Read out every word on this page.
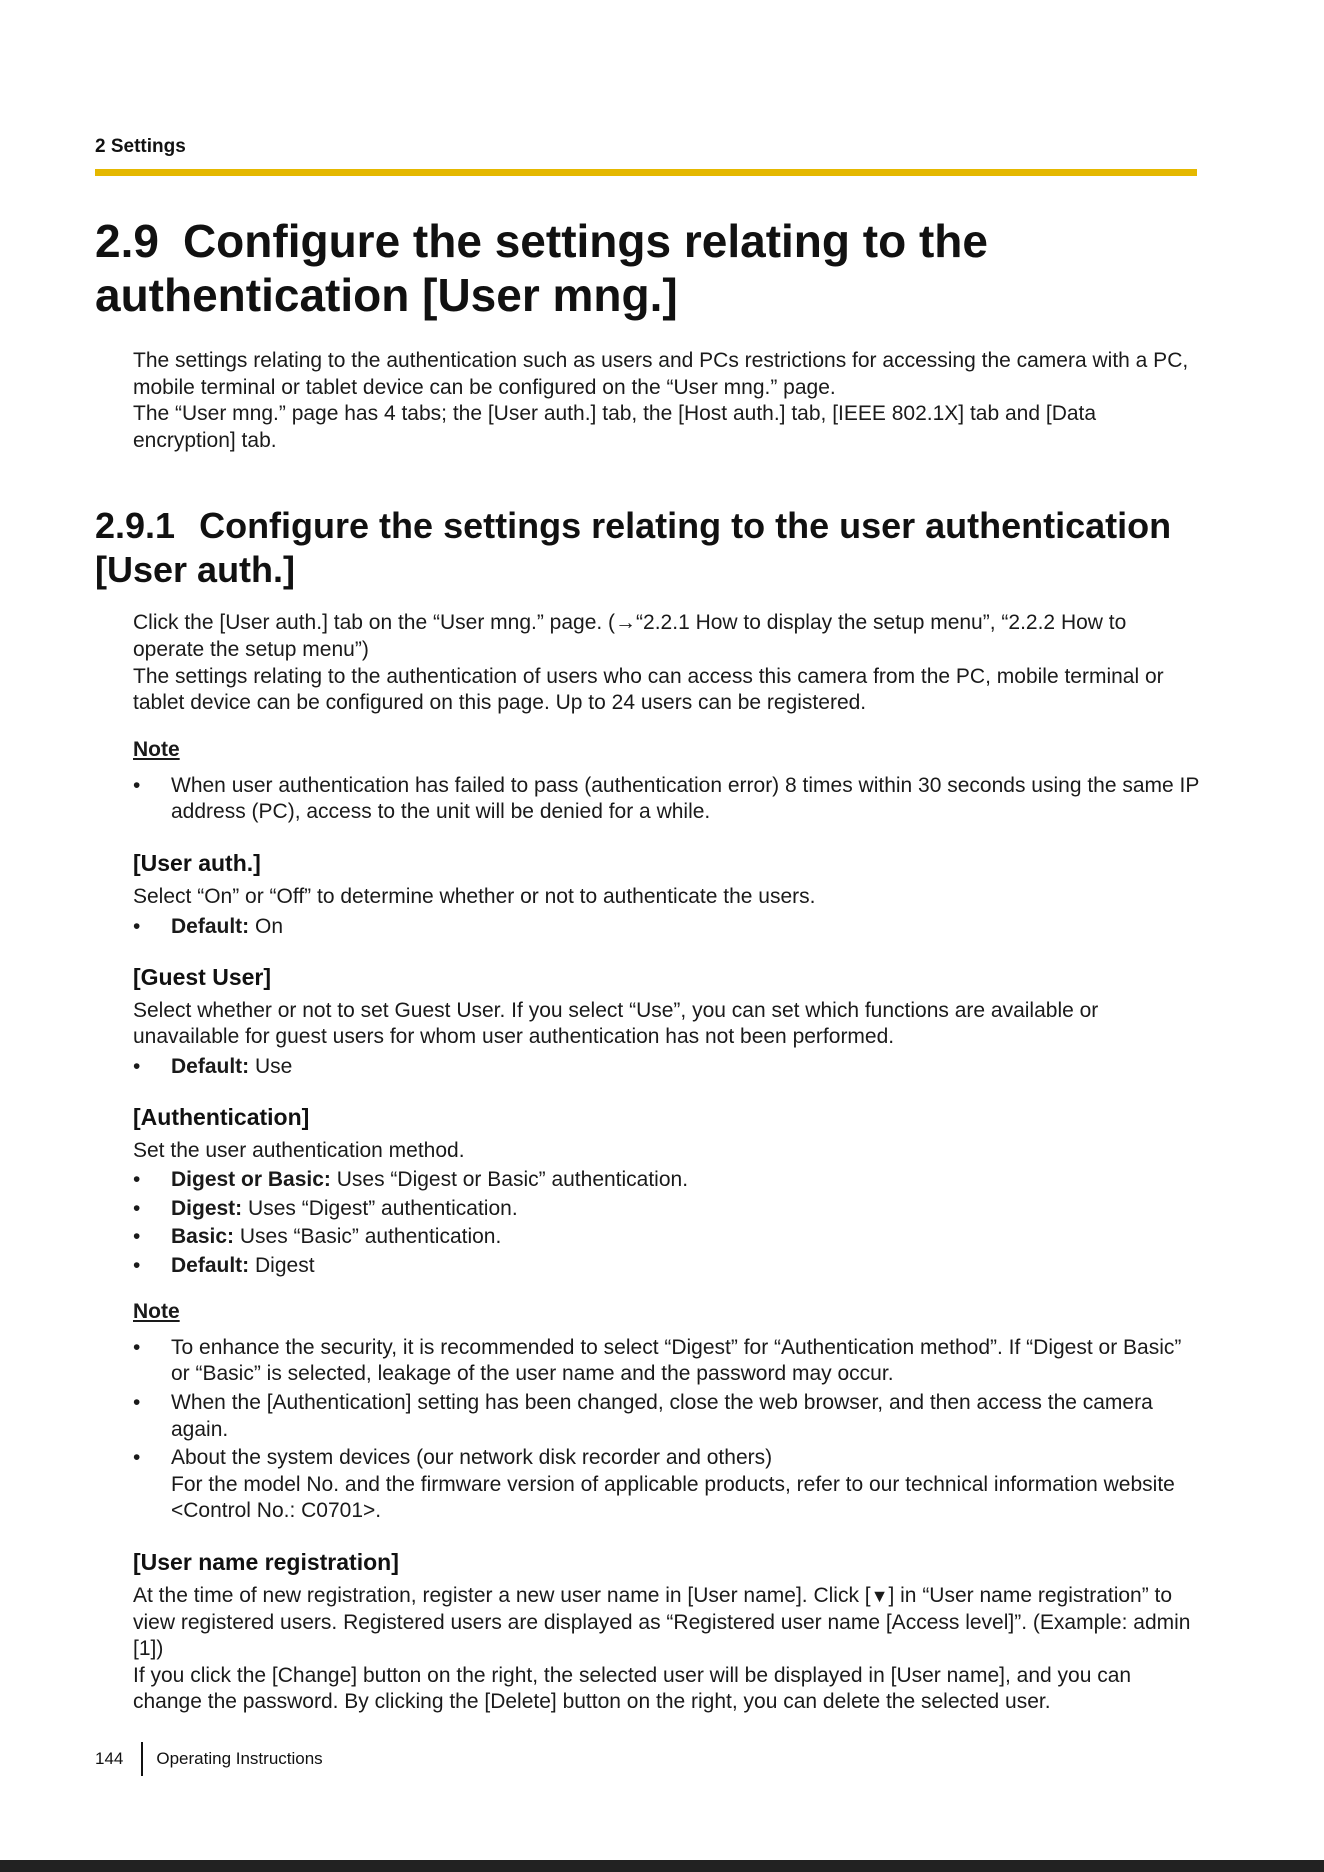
2 Settings
2.9 Configure the settings relating to the authentication [User mng.]

The settings relating to the authentication such as users and PCs restrictions for accessing the camera with a PC, mobile terminal or tablet device can be configured on the “User mng.” page.

The “User mng.” page has 4 tabs; the [User auth.] tab, the [Host auth.] tab, [IEEE 802.1X] tab and [Data encryption] tab.

2.9.1 Configure the settings relating to the user authentication [User auth.]

Click the [User auth.] tab on the “User mng.” page. (→“2.2.1 How to display the setup menu”, “2.2.2 How to operate the setup menu”)

The settings relating to the authentication of users who can access this camera from the PC, mobile terminal or tablet device can be configured on this page. Up to 24 users can be registered.

Note
• When user authentication has failed to pass (authentication error) 8 times within 30 seconds using the same IP address (PC), access to the unit will be denied for a while.
[User auth.]

Select “On” or “Off” to determine whether or not to authenticate the users.

• Default: On
[Guest User]

Select whether or not to set Guest User. If you select “Use”, you can set which functions are available or unavailable for guest users for whom user authentication has not been performed.

• Default: Use
[Authentication]

Set the user authentication method.

• Digest or Basic: Uses “Digest or Basic” authentication.
• Digest: Uses “Digest” authentication.
• Basic: Uses “Basic” authentication.
• Default: Digest
Note
• To enhance the security, it is recommended to select “Digest” for “Authentication method”. If “Digest or Basic” or “Basic” is selected, leakage of the user name and the password may occur.
• When the [Authentication] setting has been changed, close the web browser, and then access the camera again.
• About the system devices (our network disk recorder and others)
For the model No. and the firmware version of applicable products, refer to our technical information website <Control No.: C0701>.
[User name registration]

At the time of new registration, register a new user name in [User name]. Click [▼] in “User name registration” to view registered users. Registered users are displayed as “Registered user name [Access level]”. (Example: admin [1])

If you click the [Change] button on the right, the selected user will be displayed in [User name], and you can change the password. By clicking the [Delete] button on the right, you can delete the selected user.

144 Operating Instructions
